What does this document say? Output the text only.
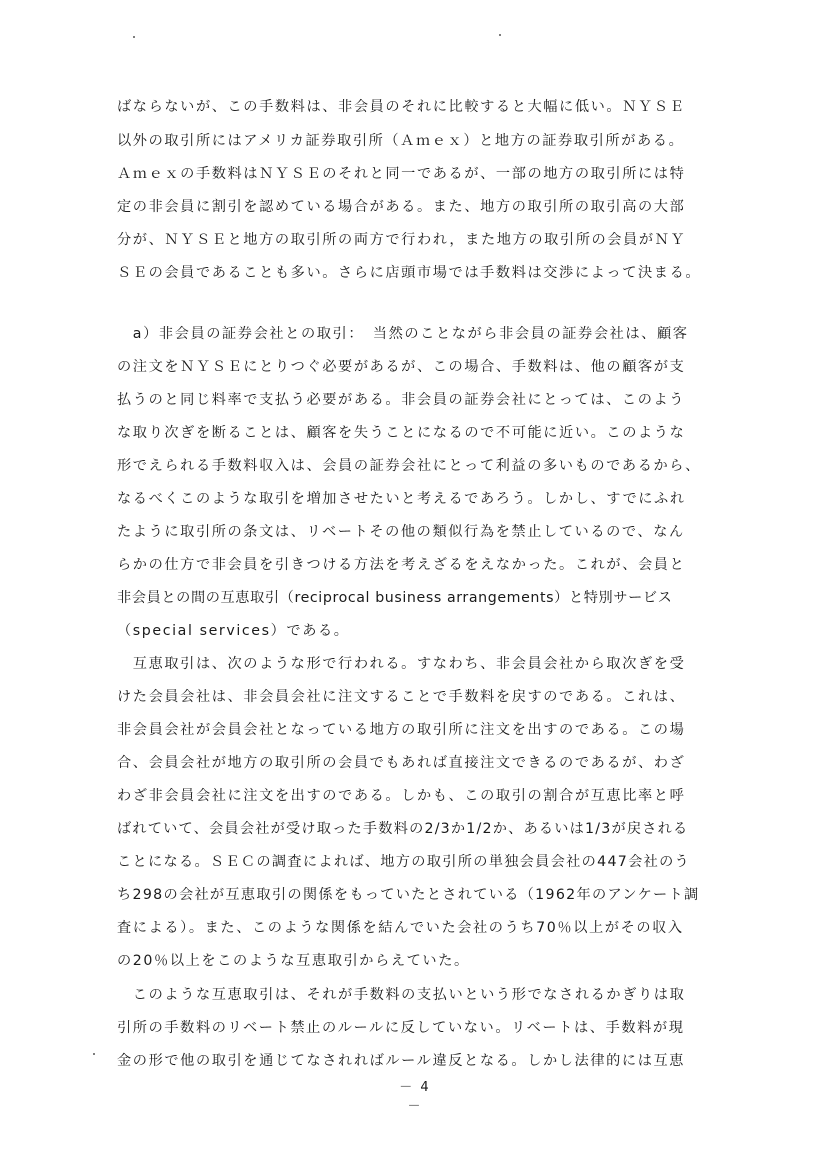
ばならないが、この手数料は、非会員のそれに比較すると大幅に低い。ＮＹＳＥ
以外の取引所にはアメリカ証券取引所（Ａｍｅｘ）と地方の証券取引所がある。
Ａｍｅｘの手数料はＮＹＳＥのそれと同一であるが、一部の地方の取引所には特
定の非会員に割引を認めている場合がある。また、地方の取引所の取引高の大部
分が、ＮＹＳＥと地方の取引所の両方で行われ，また地方の取引所の会員がＮＹ
ＳＥの会員であることも多い。さらに店頭市場では手数料は交渉によって決まる。
　a）非会員の証券会社との取引：　当然のことながら非会員の証券会社は、顧客
の注文をＮＹＳＥにとりつぐ必要があるが、この場合、手数料は、他の顧客が支
払うのと同じ料率で支払う必要がある。非会員の証券会社にとっては、このよう
な取り次ぎを断ることは、顧客を失うことになるので不可能に近い。このような
形でえられる手数料収入は、会員の証券会社にとって利益の多いものであるから、
なるべくこのような取引を増加させたいと考えるであろう。しかし、すでにふれ
たように取引所の条文は、リベートその他の類似行為を禁止しているので、なん
らかの仕方で非会員を引きつける方法を考えざるをえなかった。これが、会員と
非会員との間の互恵取引（reciprocal business arrangements）と特別サービス
（special services）である。
　互恵取引は、次のような形で行われる。すなわち、非会員会社から取次ぎを受
けた会員会社は、非会員会社に注文することで手数料を戻すのである。これは、
非会員会社が会員会社となっている地方の取引所に注文を出すのである。この場
合、会員会社が地方の取引所の会員でもあれば直接注文できるのであるが、わざ
わざ非会員会社に注文を出すのである。しかも、この取引の割合が互恵比率と呼
ばれていて、会員会社が受け取った手数料の2/3か1/2か、あるいは1/3が戻される
ことになる。ＳＥＣの調査によれば、地方の取引所の単独会員会社の447会社のう
ち298の会社が互恵取引の関係をもっていたとされている（1962年のアンケート調
査による）。また、このような関係を結んでいた会社のうち70％以上がその収入
の20％以上をこのような互恵取引からえていた。
　このような互恵取引は、それが手数料の支払いという形でなされるかぎりは取
引所の手数料のリベート禁止のルールに反していない。リベートは、手数料が現
金の形で他の取引を通じてなされればルール違反となる。しかし法律的には互恵
－ 4 －
